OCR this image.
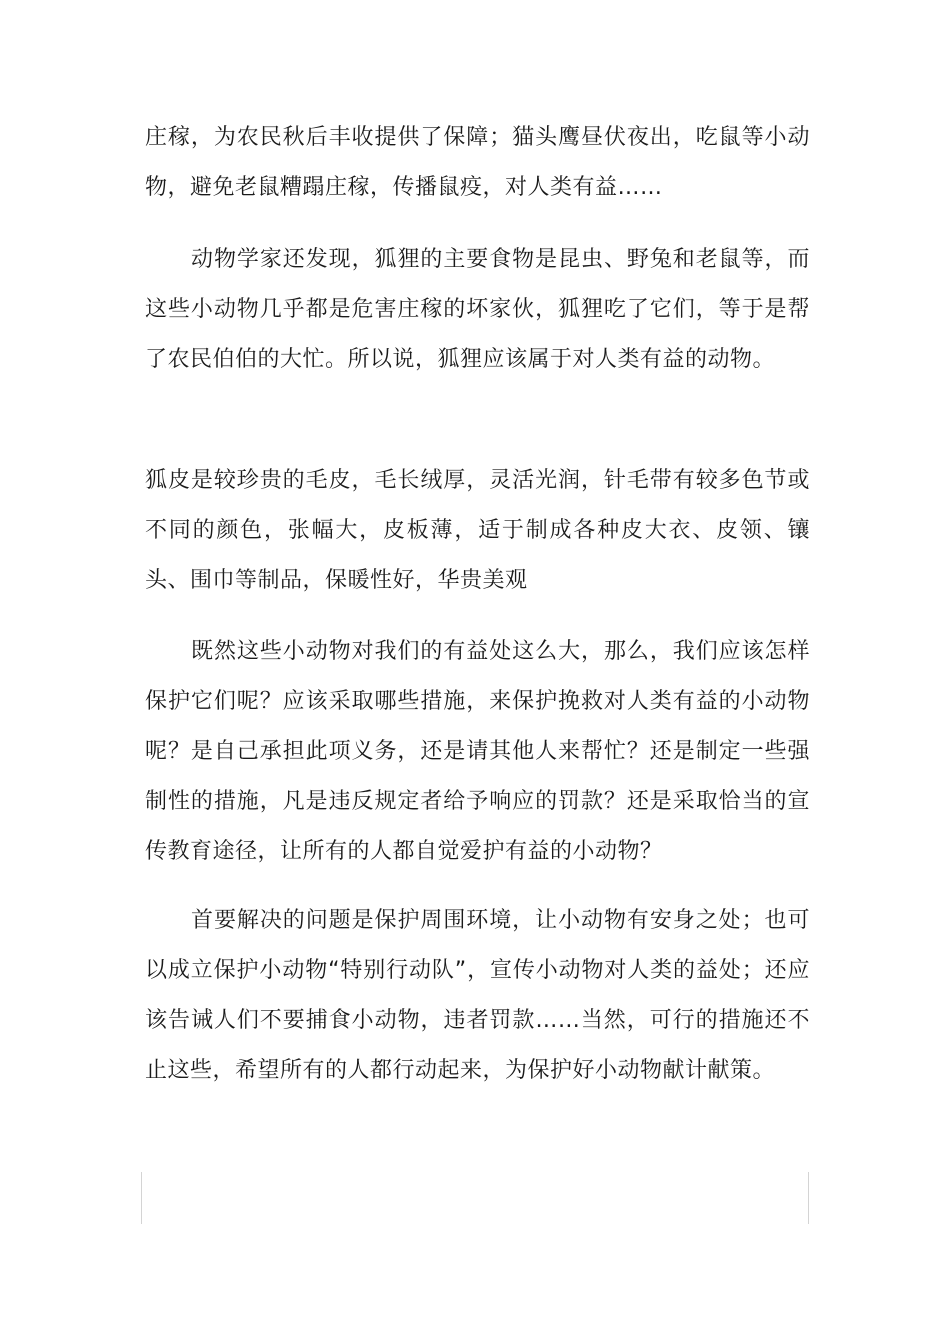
庄稼，为农民秋后丰收提供了保障；猫头鹰昼伏夜出，吃鼠等小动物，避免老鼠糟蹋庄稼，传播鼠疫，对人类有益……

动物学家还发现，狐狸的主要食物是昆虫、野兔和老鼠等，而这些小动物几乎都是危害庄稼的坏家伙，狐狸吃了它们，等于是帮了农民伯伯的大忙。所以说，狐狸应该属于对人类有益的动物。

狐皮是较珍贵的毛皮，毛长绒厚，灵活光润，针毛带有较多色节或不同的颜色，张幅大，皮板薄，适于制成各种皮大衣、皮领、镶头、围巾等制品，保暖性好，华贵美观

既然这些小动物对我们的有益处这么大，那么，我们应该怎样保护它们呢？应该采取哪些措施，来保护挽救对人类有益的小动物呢？是自己承担此项义务，还是请其他人来帮忙？还是制定一些强制性的措施，凡是违反规定者给予响应的罚款？还是采取恰当的宣传教育途径，让所有的人都自觉爱护有益的小动物？

首要解决的问题是保护周围环境，让小动物有安身之处；也可以成立保护小动物“特别行动队”，宣传小动物对人类的益处；还应该告诫人们不要捕食小动物，违者罚款……当然，可行的措施还不止这些，希望所有的人都行动起来，为保护好小动物献计献策。
